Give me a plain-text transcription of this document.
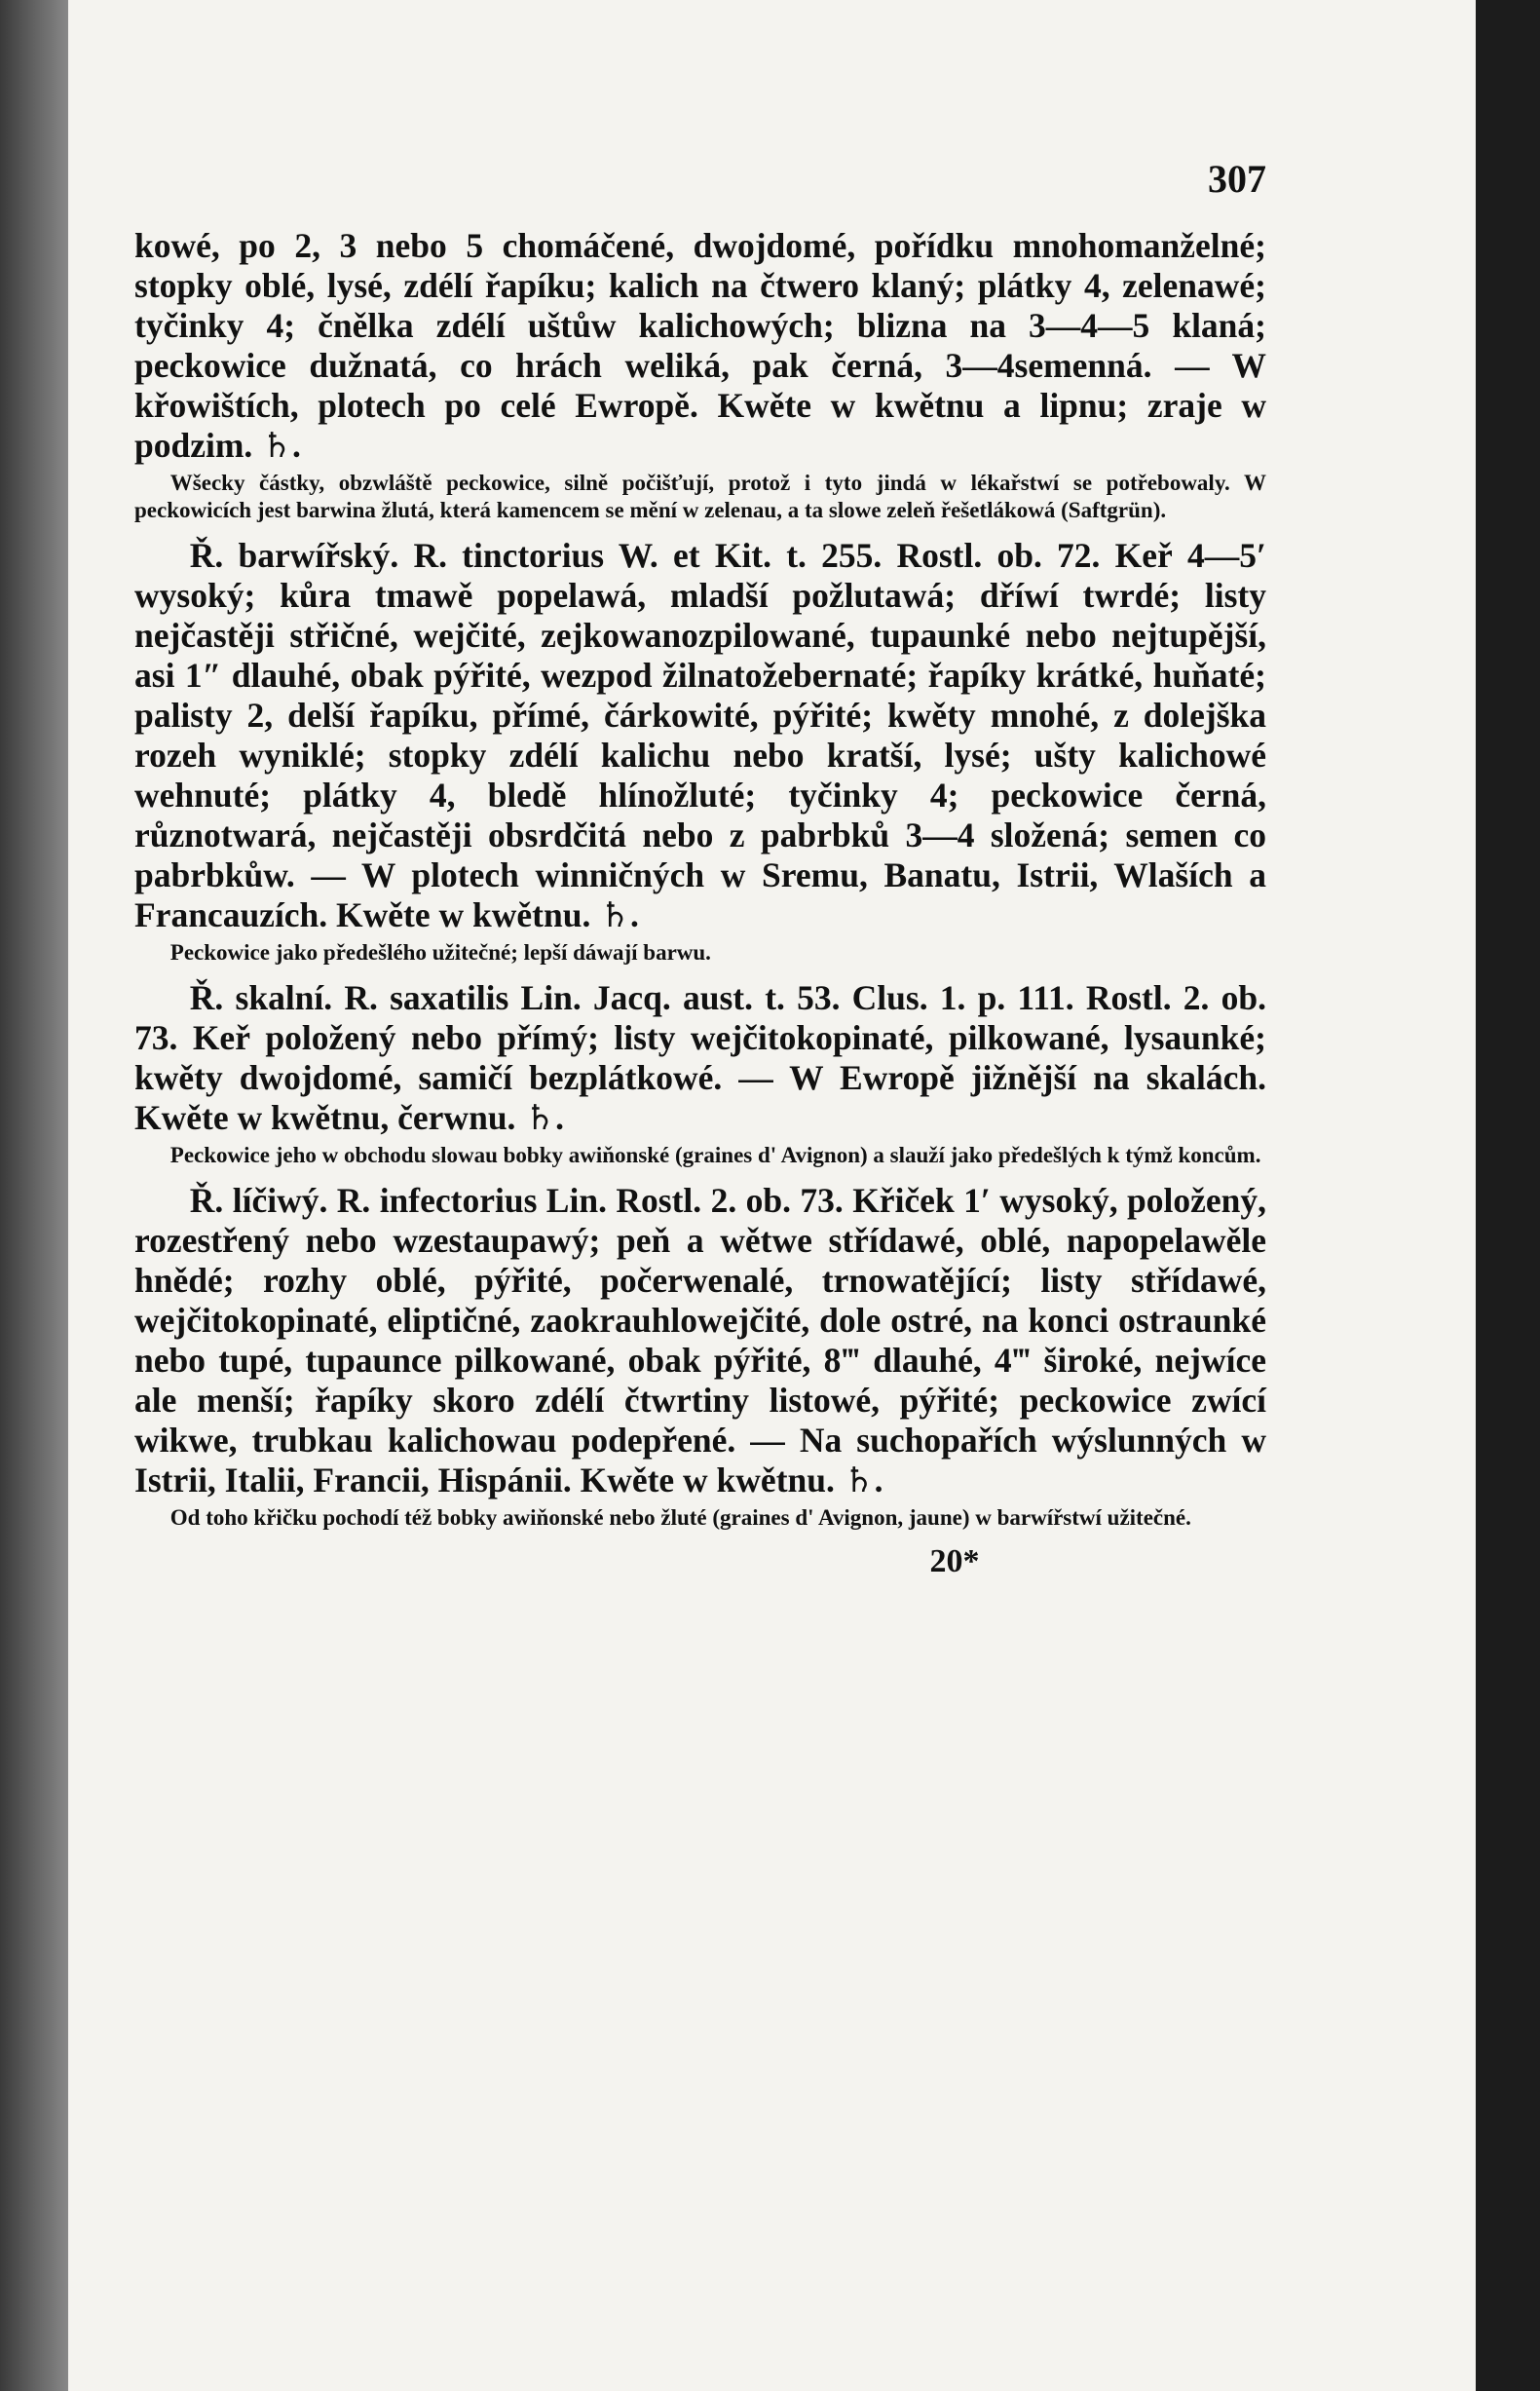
307

kowé, po 2, 3 nebo 5 chomáčené, dwojdomé, pořídku mnohomanželné; stopky oblé, lysé, zdélí řapíku; kalich na čtwero klaný; plátky 4, zelenawé; tyčinky 4; čnělka zdélí uštůw kalichowých; blizna na 3—4—5 klaná; peckowice dužnatá, co hrách weliká, pak černá, 3—4semenná. — W křowištích, plotech po celé Ewropě. Kwěte w kwětnu a lipnu; zraje w podzim. ♄.

Wšecky částky, obzwláště peckowice, silně počišťují, protož i tyto jindá w lékařstwí se potřebowaly. W peckowicích jest barwina žlutá, která kamencem se mění w zelenau, a ta slowe zeleň řešetlákowá (Saftgrün).

Ř. barwířský. R. tinctorius W. et Kit. t. 255. Rostl. ob. 72. Keř 4—5′ wysoký; kůra tmawě popelawá, mladší požlutawá; dříwí twrdé; listy nejčastěji střičné, wejčité, zejkowanozpilowané, tupaunké nebo nejtupější, asi 1″ dlauhé, obak pýřité, wezpod žilnatožebernaté; řapíky krátké, huňaté; palisty 2, delší řapíku, přímé, čárkowité, pýřité; kwěty mnohé, z dolejška rozeh wyniklé; stopky zdélí kalichu nebo kratší, lysé; ušty kalichowé wehnuté; plátky 4, bledě hlínožluté; tyčinky 4; peckowice černá, různotwará, nejčastěji obsrdčitá nebo z pabrbků 3—4 složená; semen co pabrbkůw. — W plotech winničných w Sremu, Banatu, Istrii, Wlaších a Francauzích. Kwěte w kwětnu. ♄.

Peckowice jako předešlého užitečné; lepší dáwají barwu.

Ř. skalní. R. saxatilis Lin. Jacq. aust. t. 53. Clus. 1. p. 111. Rostl. 2. ob. 73. Keř položený nebo přímý; listy wejčitokopinaté, pilkowané, lysaunké; kwěty dwojdomé, samičí bezplátkowé. — W Ewropě jižnější na skalách. Kwěte w kwětnu, čerwnu. ♄.

Peckowice jeho w obchodu slowau bobky awiňonské (graines d' Avignon) a slauží jako předešlých k týmž koncům.

Ř. líčiwý. R. infectorius Lin. Rostl. 2. ob. 73. Křiček 1′ wysoký, položený, rozestřený nebo wzestaupawý; peň a wětwe střídawé, oblé, napopelawěle hnědé; rozhy oblé, pýřité, počerwenalé, trnowatějící; listy střídawé, wejčitokopinaté, eliptičné, zaokrauhlowejčité, dole ostré, na konci ostraunké nebo tupé, tupaunce pilkowané, obak pýřité, 8‴ dlauhé, 4‴ široké, nejwíce ale menší; řapíky skoro zdélí čtwrtiny listowé, pýřité; peckowice zwící wikwe, trubkau kalichowau podepřené. — Na suchopařích wýslunných w Istrii, Italii, Francii, Hispánii. Kwěte w kwětnu. ♄.

Od toho křičku pochodí též bobky awiňonské nebo žluté (graines d' Avignon, jaune) w barwířstwí užitečné.

20*
